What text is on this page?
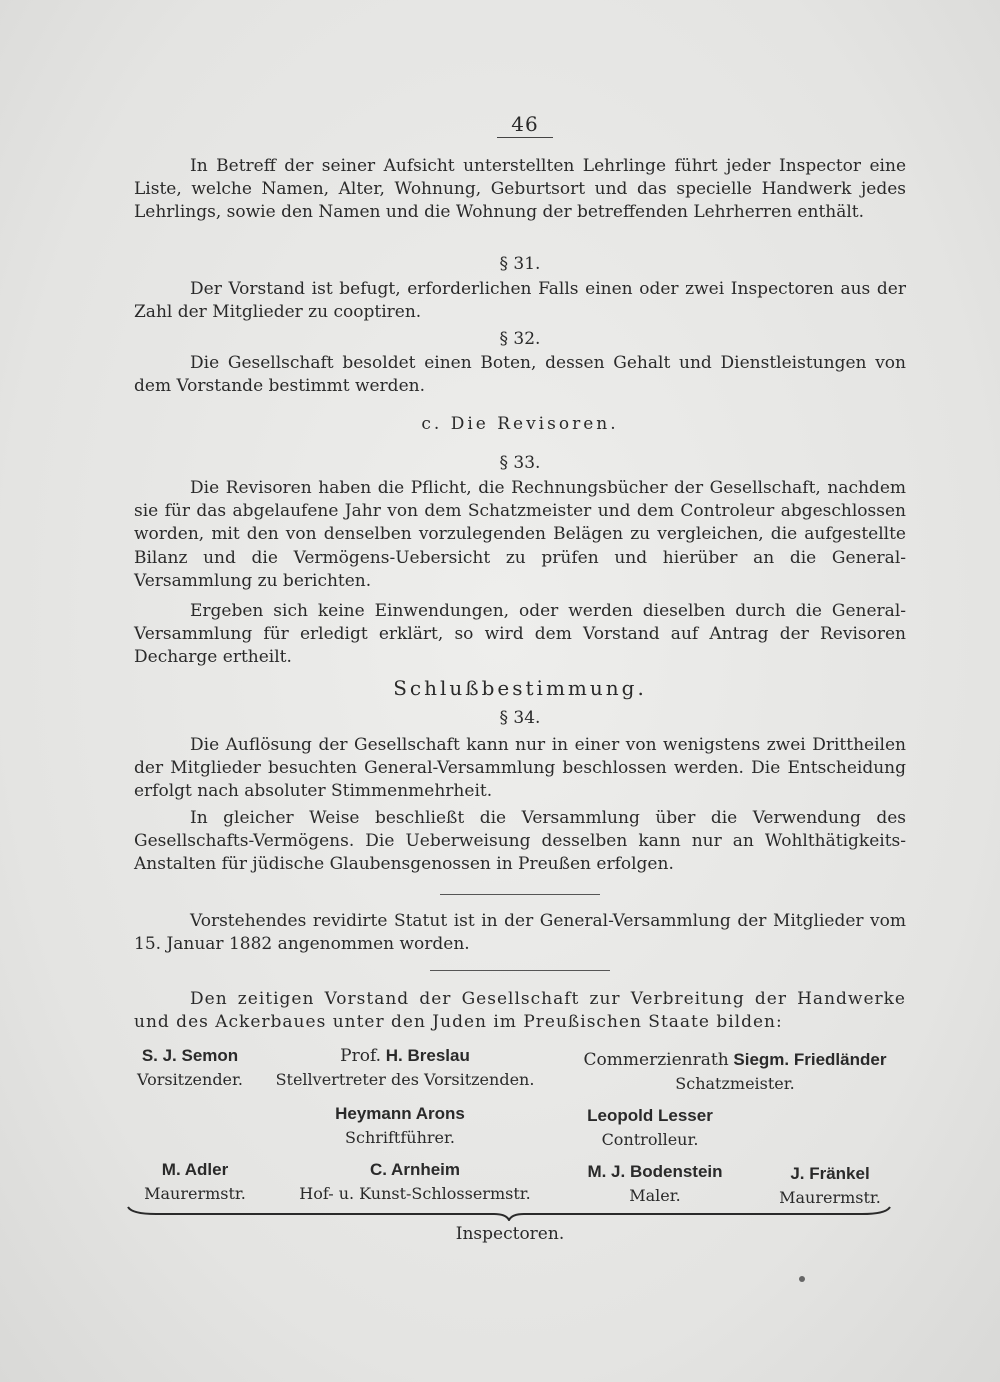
46
In Betreff der seiner Aufsicht unterstellten Lehrlinge führt jeder Inspector eine Liste, welche Namen, Alter, Wohnung, Geburtsort und das specielle Handwerk jedes Lehrlings, sowie den Namen und die Wohnung der betreffenden Lehrherren enthält.
§ 31.
Der Vorstand ist befugt, erforderlichen Falls einen oder zwei Inspectoren aus der Zahl der Mitglieder zu cooptiren.
§ 32.
Die Gesellschaft besoldet einen Boten, dessen Gehalt und Dienstleistungen von dem Vorstande bestimmt werden.
c. Die Revisoren.
§ 33.
Die Revisoren haben die Pflicht, die Rechnungsbücher der Gesellschaft, nachdem sie für das abgelaufene Jahr von dem Schatzmeister und dem Controleur abgeschlossen worden, mit den von denselben vorzulegenden Belägen zu vergleichen, die aufgestellte Bilanz und die Vermögens-Uebersicht zu prüfen und hierüber an die General-Versammlung zu berichten.
Ergeben sich keine Einwendungen, oder werden dieselben durch die General-Versammlung für erledigt erklärt, so wird dem Vorstand auf Antrag der Revisoren Decharge ertheilt.
Schlußbestimmung.
§ 34.
Die Auflösung der Gesellschaft kann nur in einer von wenigstens zwei Drittheilen der Mitglieder besuchten General-Versammlung beschlossen werden. Die Entscheidung erfolgt nach absoluter Stimmenmehrheit.
In gleicher Weise beschließt die Versammlung über die Verwendung des Gesellschafts-Vermögens. Die Ueberweisung desselben kann nur an Wohlthätigkeits-Anstalten für jüdische Glaubensgenossen in Preußen erfolgen.
Vorstehendes revidirte Statut ist in der General-Versammlung der Mitglieder vom 15. Januar 1882 angenommen worden.
Den zeitigen Vorstand der Gesellschaft zur Verbreitung der Handwerke und des Ackerbaues unter den Juden im Preußischen Staate bilden:
S. J. Semon
Vorsitzender.
Prof. H. Breslau
Stellvertreter des Vorsitzenden.
Commerzienrath Siegm. Friedländer
Schatzmeister.
Heymann Arons
Schriftführer.
Leopold Lesser
Controlleur.
M. Adler
Maurermstr.
C. Arnheim
Hof- u. Kunst-Schlossermstr.
M. J. Bodenstein
Maler.
J. Fränkel
Maurermstr.
Inspectoren.
